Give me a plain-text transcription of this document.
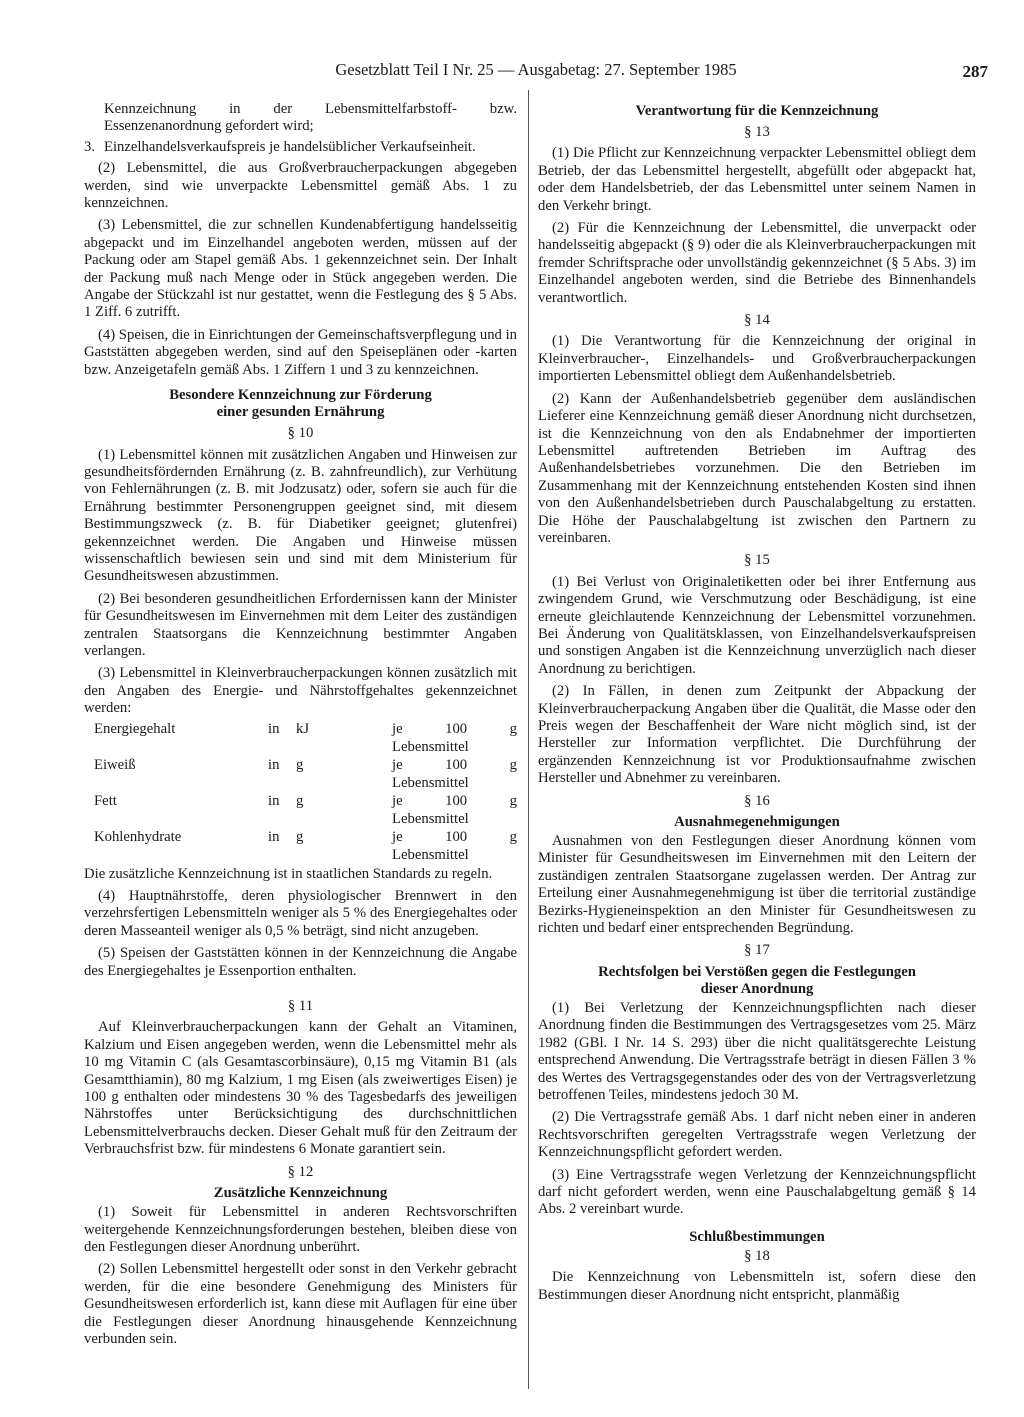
Gesetzblatt Teil I Nr. 25 — Ausgabetag: 27. September 1985	287

Kennzeichnung in der Lebensmittelfarbstoff- bzw. Essenzenanordnung gefordert wird;

3. Einzelhandelsverkaufspreis je handelsüblicher Verkaufseinheit.

(2) Lebensmittel, die aus Großverbraucherpackungen abgegeben werden, sind wie unverpackte Lebensmittel gemäß Abs. 1 zu kennzeichnen.

(3) Lebensmittel, die zur schnellen Kundenabfertigung handelsseitig abgepackt und im Einzelhandel angeboten werden, müssen auf der Packung oder am Stapel gemäß Abs. 1 gekennzeichnet sein. Der Inhalt der Packung muß nach Menge oder in Stück angegeben werden. Die Angabe der Stückzahl ist nur gestattet, wenn die Festlegung des § 5 Abs. 1 Ziff. 6 zutrifft.

(4) Speisen, die in Einrichtungen der Gemeinschaftsverpflegung und in Gaststätten abgegeben werden, sind auf den Speiseplänen oder -karten bzw. Anzeigetafeln gemäß Abs. 1 Ziffern 1 und 3 zu kennzeichnen.

Besondere Kennzeichnung zur Förderung
einer gesunden Ernährung
§ 10

(1) Lebensmittel können mit zusätzlichen Angaben und Hinweisen zur gesundheitsfördernden Ernährung (z. B. zahnfreundlich), zur Verhütung von Fehlernährungen (z. B. mit Jodzusatz) oder, sofern sie auch für die Ernährung bestimmter Personengruppen geeignet sind, mit diesem Bestimmungszweck (z. B. für Diabetiker geeignet; glutenfrei) gekennzeichnet werden. Die Angaben und Hinweise müssen wissenschaftlich bewiesen sein und sind mit dem Ministerium für Gesundheitswesen abzustimmen.

(2) Bei besonderen gesundheitlichen Erfordernissen kann der Minister für Gesundheitswesen im Einvernehmen mit dem Leiter des zuständigen zentralen Staatsorgans die Kennzeichnung bestimmter Angaben verlangen.

(3) Lebensmittel in Kleinverbraucherpackungen können zusätzlich mit den Angaben des Energie- und Nährstoffgehaltes gekennzeichnet werden:

Energiegehalt	in	kJ	je 100 g Lebensmittel
Eiweiß	in	g	je 100 g Lebensmittel
Fett	in	g	je 100 g Lebensmittel
Kohlenhydrate	in	g	je 100 g Lebensmittel

Die zusätzliche Kennzeichnung ist in staatlichen Standards zu regeln.

(4) Hauptnährstoffe, deren physiologischer Brennwert in den verzehrsfertigen Lebensmitteln weniger als 5 % des Energiegehaltes oder deren Masseanteil weniger als 0,5 % beträgt, sind nicht anzugeben.

(5) Speisen der Gaststätten können in der Kennzeichnung die Angabe des Energiegehaltes je Essenportion enthalten.

§ 11

Auf Kleinverbraucherpackungen kann der Gehalt an Vitaminen, Kalzium und Eisen angegeben werden, wenn die Lebensmittel mehr als 10 mg Vitamin C (als Gesamtascorbinsäure), 0,15 mg Vitamin B1 (als Gesamtthiamin), 80 mg Kalzium, 1 mg Eisen (als zweiwertiges Eisen) je 100 g enthalten oder mindestens 30 % des Tagesbedarfs des jeweiligen Nährstoffes unter Berücksichtigung des durchschnittlichen Lebensmittelverbrauchs decken. Dieser Gehalt muß für den Zeitraum der Verbrauchsfrist bzw. für mindestens 6 Monate garantiert sein.

§ 12
Zusätzliche Kennzeichnung

(1) Soweit für Lebensmittel in anderen Rechtsvorschriften weitergehende Kennzeichnungsforderungen bestehen, bleiben diese von den Festlegungen dieser Anordnung unberührt.

(2) Sollen Lebensmittel hergestellt oder sonst in den Verkehr gebracht werden, für die eine besondere Genehmigung des Ministers für Gesundheitswesen erforderlich ist, kann diese mit Auflagen für eine über die Festlegungen dieser Anordnung hinausgehende Kennzeichnung verbunden sein.

Verantwortung für die Kennzeichnung
§ 13

(1) Die Pflicht zur Kennzeichnung verpackter Lebensmittel obliegt dem Betrieb, der das Lebensmittel hergestellt, abgefüllt oder abgepackt hat, oder dem Handelsbetrieb, der das Lebensmittel unter seinem Namen in den Verkehr bringt.

(2) Für die Kennzeichnung der Lebensmittel, die unverpackt oder handelsseitig abgepackt (§ 9) oder die als Kleinverbraucherpackungen mit fremder Schriftsprache oder unvollständig gekennzeichnet (§ 5 Abs. 3) im Einzelhandel angeboten werden, sind die Betriebe des Binnenhandels verantwortlich.

§ 14

(1) Die Verantwortung für die Kennzeichnung der original in Kleinverbraucher-, Einzelhandels- und Großverbraucherpackungen importierten Lebensmittel obliegt dem Außenhandelsbetrieb.

(2) Kann der Außenhandelsbetrieb gegenüber dem ausländischen Lieferer eine Kennzeichnung gemäß dieser Anordnung nicht durchsetzen, ist die Kennzeichnung von den als Endabnehmer der importierten Lebensmittel auftretenden Betrieben im Auftrag des Außenhandelsbetriebes vorzunehmen. Die den Betrieben im Zusammenhang mit der Kennzeichnung entstehenden Kosten sind ihnen von den Außenhandelsbetrieben durch Pauschalabgeltung zu erstatten. Die Höhe der Pauschalabgeltung ist zwischen den Partnern zu vereinbaren.

§ 15

(1) Bei Verlust von Originaletiketten oder bei ihrer Entfernung aus zwingendem Grund, wie Verschmutzung oder Beschädigung, ist eine erneute gleichlautende Kennzeichnung der Lebensmittel vorzunehmen. Bei Änderung von Qualitätsklassen, von Einzelhandelsverkaufspreisen und sonstigen Angaben ist die Kennzeichnung unverzüglich nach dieser Anordnung zu berichtigen.

(2) In Fällen, in denen zum Zeitpunkt der Abpackung der Kleinverbraucherpackung Angaben über die Qualität, die Masse oder den Preis wegen der Beschaffenheit der Ware nicht möglich sind, ist der Hersteller zur Information verpflichtet. Die Durchführung der ergänzenden Kennzeichnung ist vor Produktionsaufnahme zwischen Hersteller und Abnehmer zu vereinbaren.

§ 16
Ausnahmegenehmigungen

Ausnahmen von den Festlegungen dieser Anordnung können vom Minister für Gesundheitswesen im Einvernehmen mit den Leitern der zuständigen zentralen Staatsorgane zugelassen werden. Der Antrag zur Erteilung einer Ausnahmegenehmigung ist über die territorial zuständige Bezirks-Hygieneinspektion an den Minister für Gesundheitswesen zu richten und bedarf einer entsprechenden Begründung.

§ 17
Rechtsfolgen bei Verstößen gegen die Festlegungen
dieser Anordnung

(1) Bei Verletzung der Kennzeichnungspflichten nach dieser Anordnung finden die Bestimmungen des Vertragsgesetzes vom 25. März 1982 (GBl. I Nr. 14 S. 293) über die nicht qualitätsgerechte Leistung entsprechend Anwendung. Die Vertragsstrafe beträgt in diesen Fällen 3 % des Wertes des Vertragsgegenstandes oder des von der Vertragsverletzung betroffenen Teiles, mindestens jedoch 30 M.

(2) Die Vertragsstrafe gemäß Abs. 1 darf nicht neben einer in anderen Rechtsvorschriften geregelten Vertragsstrafe wegen Verletzung der Kennzeichnungspflicht gefordert werden.

(3) Eine Vertragsstrafe wegen Verletzung der Kennzeichnungspflicht darf nicht gefordert werden, wenn eine Pauschalabgeltung gemäß § 14 Abs. 2 vereinbart wurde.

Schlußbestimmungen
§ 18

Die Kennzeichnung von Lebensmitteln ist, sofern diese den Bestimmungen dieser Anordnung nicht entspricht, planmäßig
